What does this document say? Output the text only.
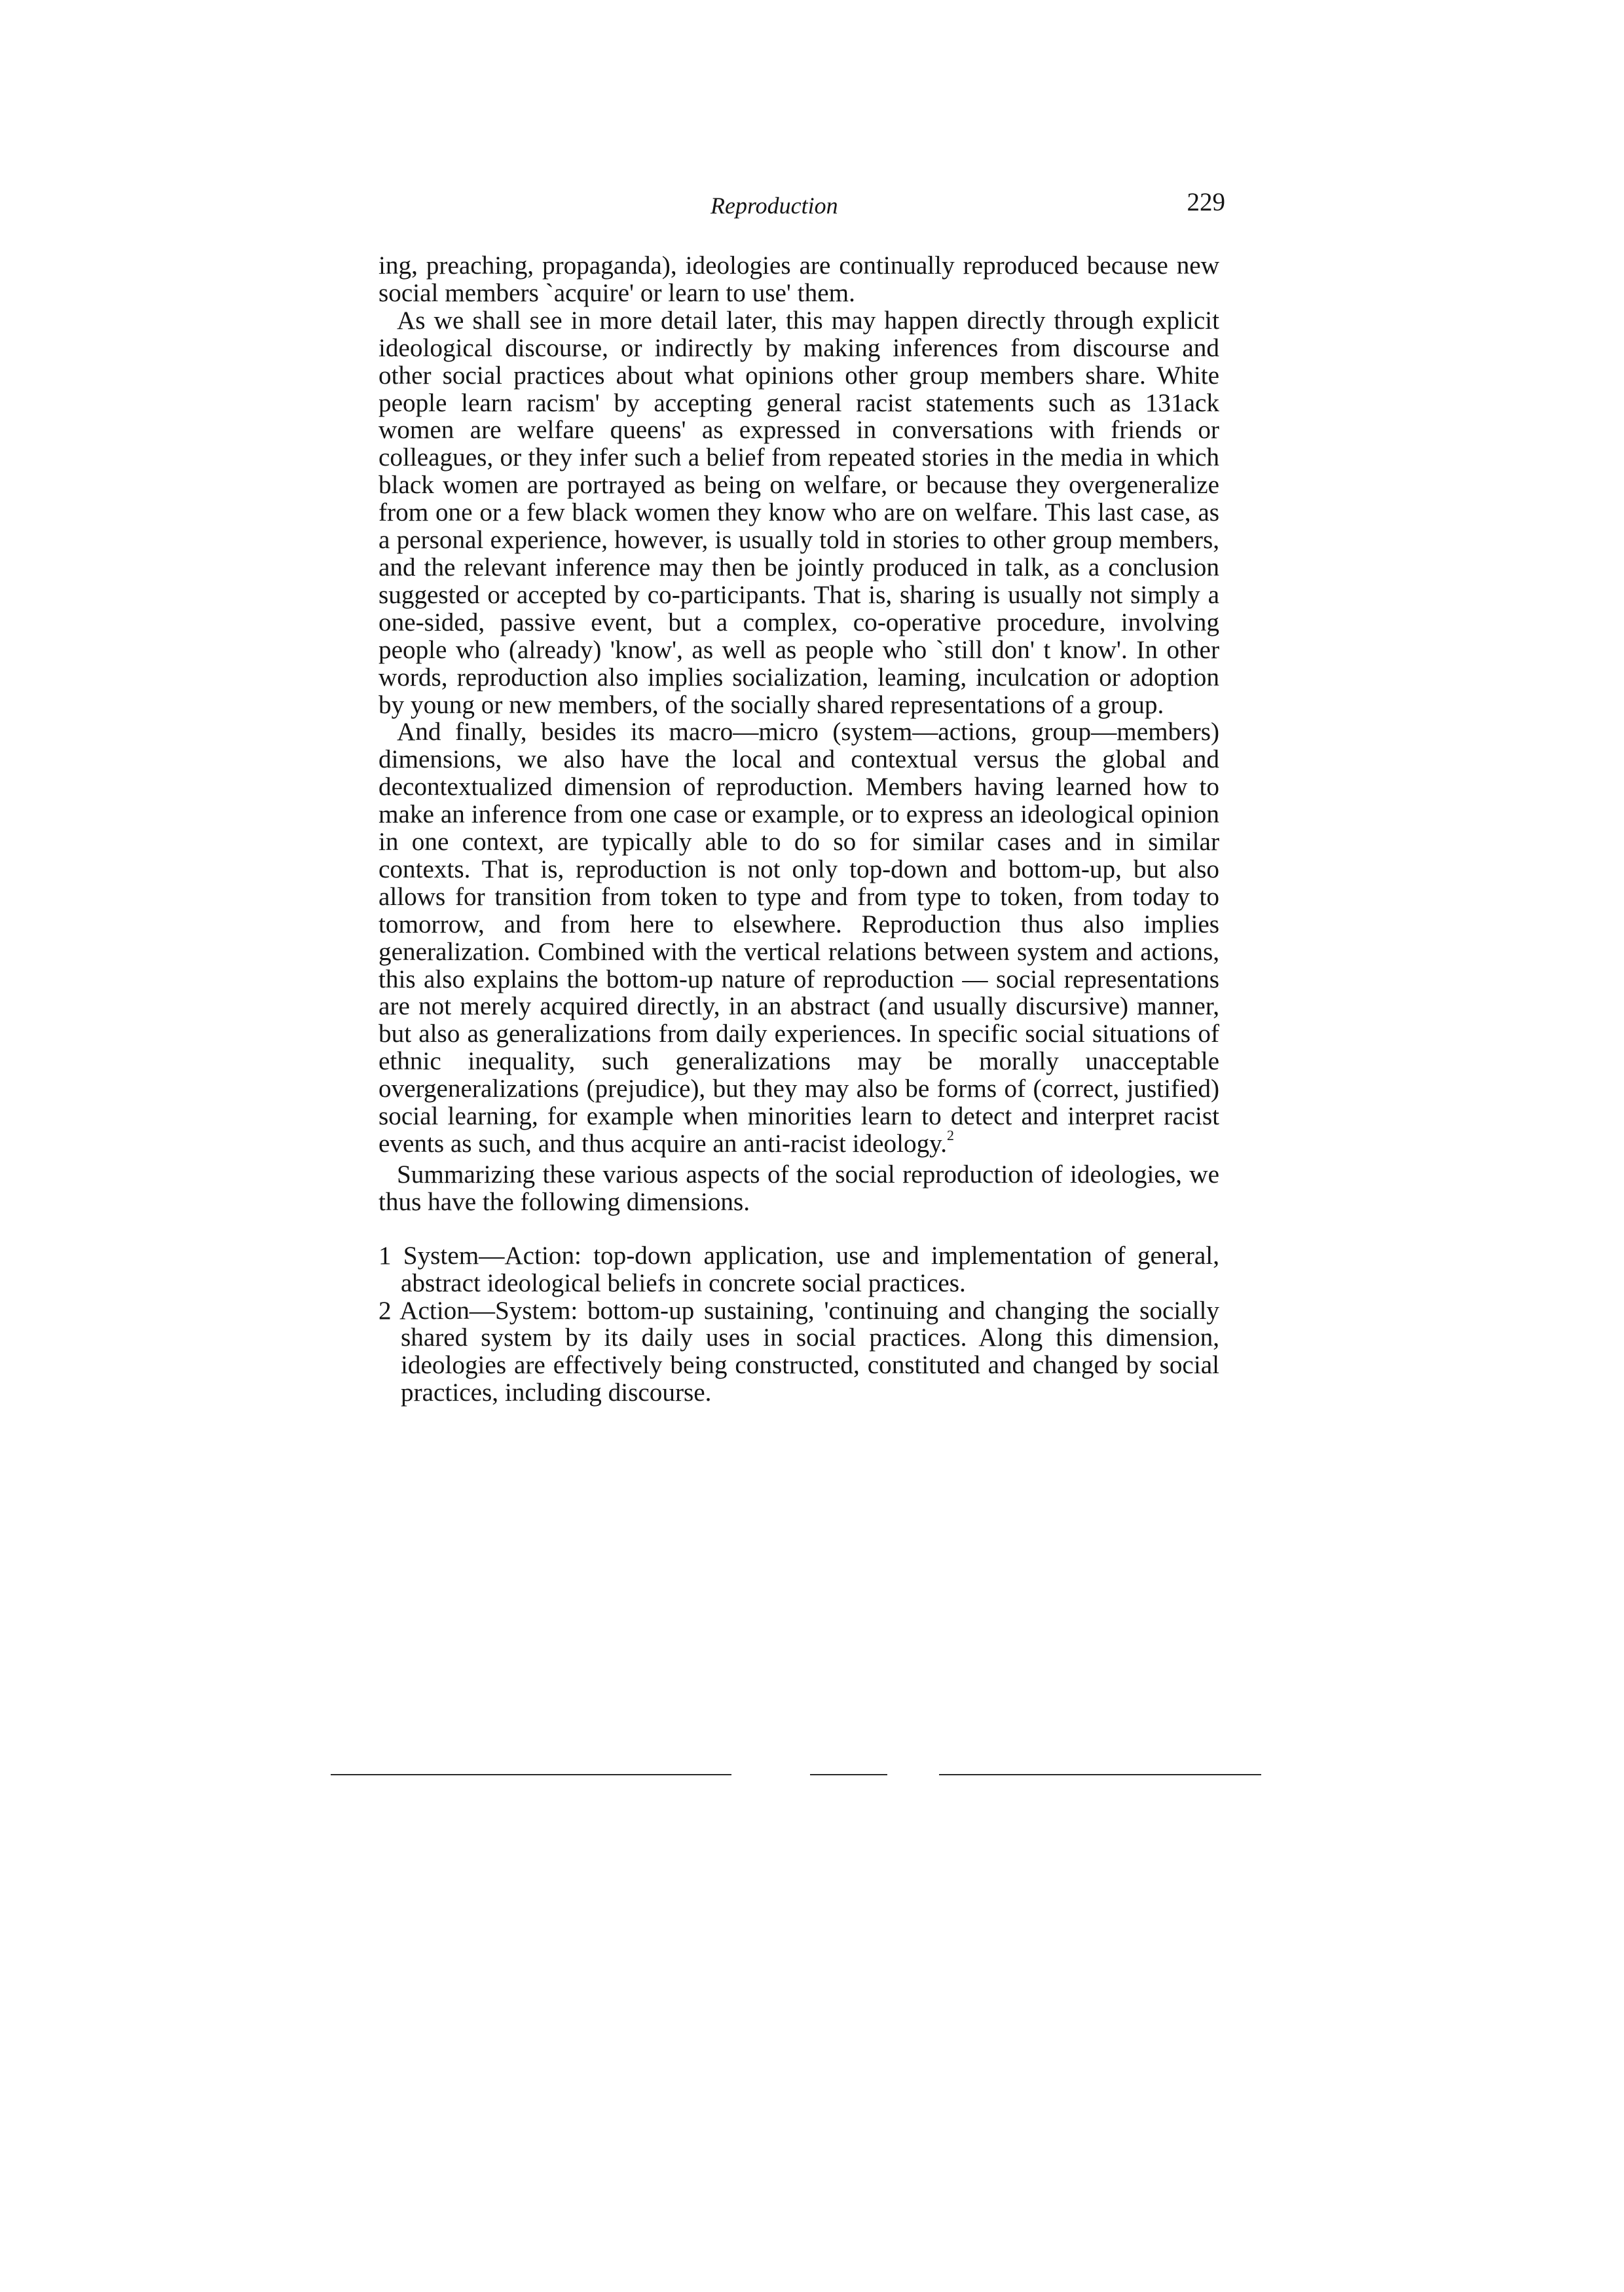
Reproduction	229

ing, preaching, propaganda), ideologies are continually reproduced because new social members `acquire' or learn to use' them.

As we shall see in more detail later, this may happen directly through explicit ideological discourse, or indirectly by making inferences from discourse and other social practices about what opinions other group members share. White people learn racism' by accepting general racist statements such as 131ack women are welfare queens' as expressed in conversations with friends or colleagues, or they infer such a belief from repeated stories in the media in which black women are portrayed as being on welfare, or because they overgeneralize from one or a few black women they know who are on welfare. This last case, as a personal experience, however, is usually told in stories to other group members, and the relevant inference may then be jointly produced in talk, as a conclusion suggested or accepted by co-participants. That is, sharing is usually not simply a one-sided, passive event, but a complex, co-operative procedure, involving people who (already) 'know', as well as people who `still don' t know'. In other words, reproduction also implies socialization, leaming, inculcation or adoption by young or new members, of the socially shared representations of a group.

And finally, besides its macro—micro (system—actions, group—members) dimensions, we also have the local and contextual versus the global and decontextualized dimension of reproduction. Members having learned how to make an inference from one case or example, or to express an ideological opinion in one context, are typically able to do so for similar cases and in similar contexts. That is, reproduction is not only top-down and bottom-up, but also allows for transition from token to type and from type to token, from today to tomorrow, and from here to elsewhere. Reproduction thus also implies generalization. Combined with the vertical relations between system and actions, this also explains the bottom-up nature of reproduction — social representations are not merely acquired directly, in an abstract (and usually discursive) manner, but also as generalizations from daily experiences. In specific social situations of ethnic inequality, such generalizations may be morally unacceptable overgeneralizations (prejudice), but they may also be forms of (correct, justified) social learning, for example when minorities learn to detect and interpret racist events as such, and thus acquire an anti-racist ideology.$^2$

Summarizing these various aspects of the social reproduction of ideologies, we thus have the following dimensions.

1 System—Action: top-down application, use and implementation of general, abstract ideological beliefs in concrete social practices.
2 Action—System: bottom-up sustaining, 'continuing and changing the socially shared system by its daily uses in social practices. Along this dimension, ideologies are effectively being constructed, constituted and changed by social practices, including discourse.
